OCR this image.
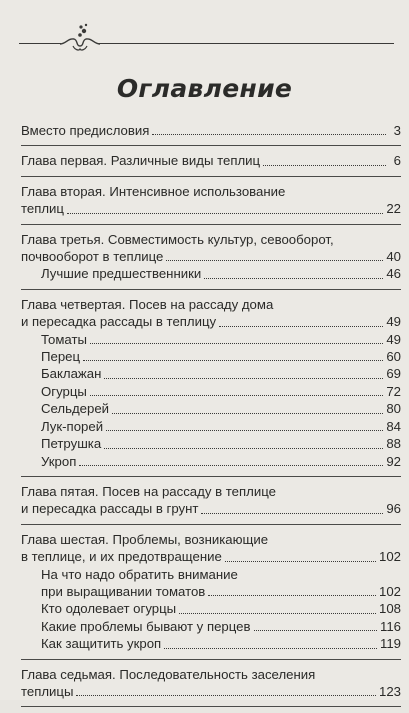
Оглавление
Вместо предисловия	3
Глава первая. Различные виды теплиц	6
Глава вторая. Интенсивное использование
теплиц	22
Глава третья. Совместимость культур, севооборот,
почвооборот в теплице	40
Лучшие предшественники	46
Глава четвертая. Посев на рассаду дома
и пересадка рассады в теплицу	49
Томаты	49
Перец	60
Баклажан	69
Огурцы	72
Сельдерей	80
Лук-порей	84
Петрушка	88
Укроп	92
Глава пятая. Посев на рассаду в теплице
и пересадка рассады в грунт	96
Глава шестая. Проблемы, возникающие
в теплице, и их предотвращение	102
На что надо обратить внимание
при выращивании томатов	102
Кто одолевает огурцы	108
Какие проблемы бывают у перцев	116
Как защитить укроп	119
Глава седьмая. Последовательность заселения
теплицы	123
